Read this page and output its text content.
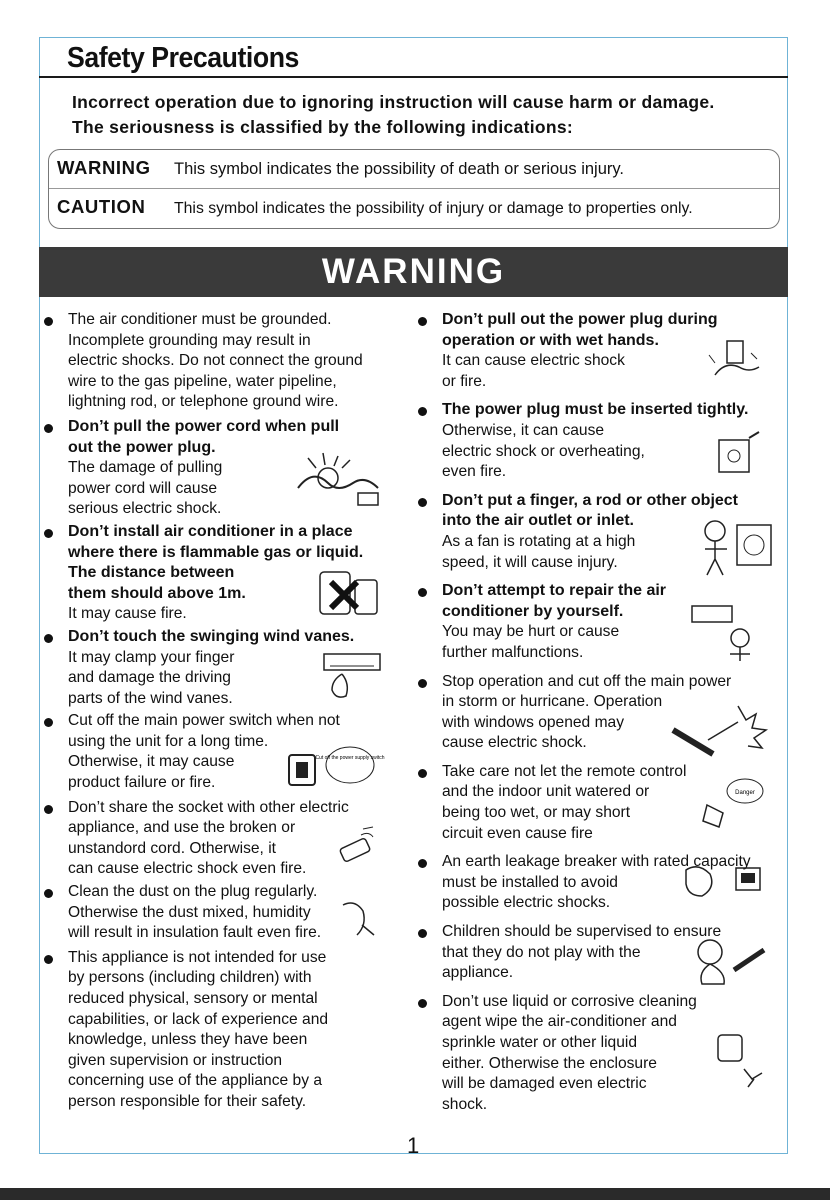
Safety Precautions
Incorrect operation due to ignoring instruction will cause harm or damage.
The seriousness is classified by the following indications:
WARNING This symbol indicates the possibility of death or serious injury.
CAUTION This symbol indicates the possibility of injury or damage to properties only.
WARNING
The air conditioner must be grounded.
Incomplete grounding may result in
electric shocks. Do not connect the ground
wire to the gas pipeline, water pipeline,
lightning rod, or telephone ground wire.
Don’t pull the power cord when pull
out the power plug.
The damage of pulling
power cord will cause
serious electric shock.
Don’t install air conditioner in a place
where there is flammable gas or liquid.
The distance between
them should above 1m.
It may cause fire.
Don’t touch the swinging wind vanes.
It may clamp your finger
and damage the driving
parts of the wind vanes.
Cut off the main power switch when not
using the unit for a long time.
Otherwise, it may cause
product failure or fire.
Don’t share the socket with other electric
appliance, and use the broken or
unstandord cord. Otherwise, it
can cause electric shock even fire.
Clean the dust on the plug regularly.
Otherwise the dust mixed, humidity
will result in insulation fault even fire.
This appliance is not intended for use
by persons (including children) with
reduced physical, sensory or mental
capabilities, or lack of experience and
knowledge, unless they have been
given supervision or instruction
concerning use of the appliance by a
person responsible for their safety.
Don’t pull out the power plug during
operation or with wet hands.
It can cause electric shock
or fire.
The power plug must be inserted tightly.
Otherwise, it can cause
electric shock or overheating,
even fire.
Don’t put a finger, a rod or other object
into the air outlet or inlet.
As a fan is rotating at a high
speed, it will cause injury.
Don’t attempt to repair the air
conditioner by yourself.
You may be hurt or cause
further malfunctions.
Stop operation and cut off the main power
in storm or hurricane. Operation
with windows opened may
cause electric shock.
Take care not let the remote control
and the indoor unit watered or
being too wet, or may short
circuit even cause fire
An earth leakage breaker with rated capacity
must be installed to avoid
possible electric shocks.
Children should be supervised to ensure
that they do not play with the
appliance.
Don’t use liquid or corrosive cleaning
agent wipe the air-conditioner and
sprinkle water or other liquid
either. Otherwise the enclosure
will be damaged even electric
shock.
Cut off the power supply switch
Danger
1
